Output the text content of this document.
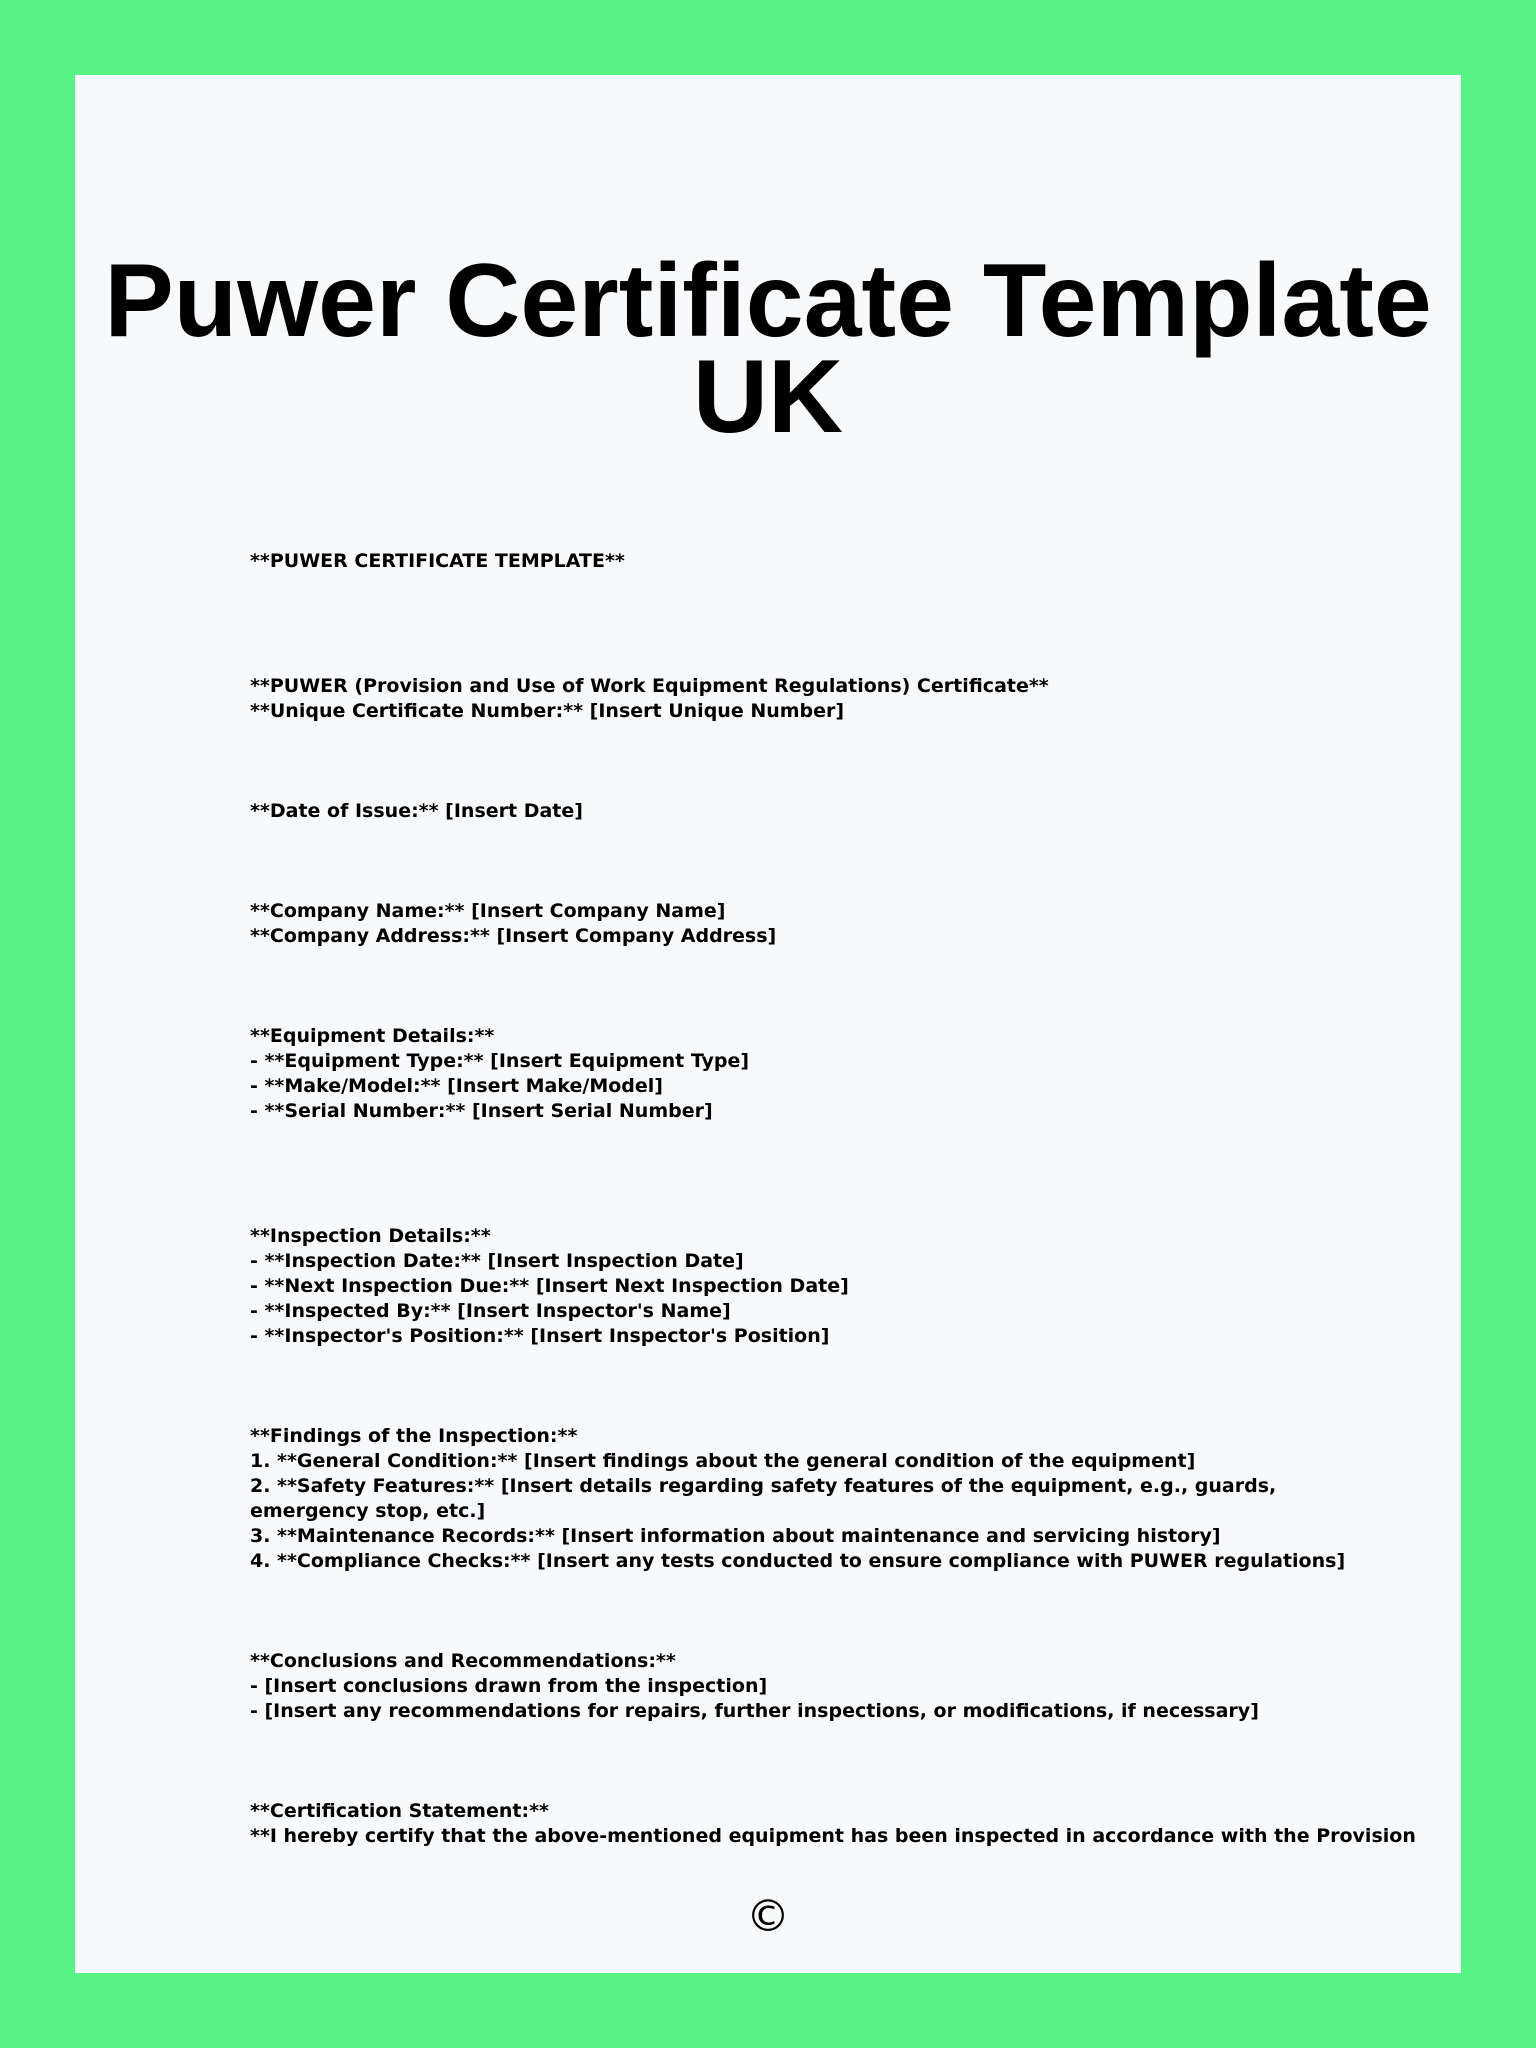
Puwer Certificate Template
UK
**PUWER CERTIFICATE TEMPLATE**
**PUWER (Provision and Use of Work Equipment Regulations) Certificate**
**Unique Certificate Number:** [Insert Unique Number]
**Date of Issue:** [Insert Date]
**Company Name:** [Insert Company Name]
**Company Address:** [Insert Company Address]
**Equipment Details:**
- **Equipment Type:** [Insert Equipment Type]
- **Make/Model:** [Insert Make/Model]
- **Serial Number:** [Insert Serial Number]
**Inspection Details:**
- **Inspection Date:** [Insert Inspection Date]
- **Next Inspection Due:** [Insert Next Inspection Date]
- **Inspected By:** [Insert Inspector's Name]
- **Inspector's Position:** [Insert Inspector's Position]
**Findings of the Inspection:**
1. **General Condition:** [Insert findings about the general condition of the equipment]
2. **Safety Features:** [Insert details regarding safety features of the equipment, e.g., guards, emergency stop, etc.]
3. **Maintenance Records:** [Insert information about maintenance and servicing history]
4. **Compliance Checks:** [Insert any tests conducted to ensure compliance with PUWER regulations]
**Conclusions and Recommendations:**
- [Insert conclusions drawn from the inspection]
- [Insert any recommendations for repairs, further inspections, or modifications, if necessary]
**Certification Statement:**
**I hereby certify that the above-mentioned equipment has been inspected in accordance with the Provision
©
